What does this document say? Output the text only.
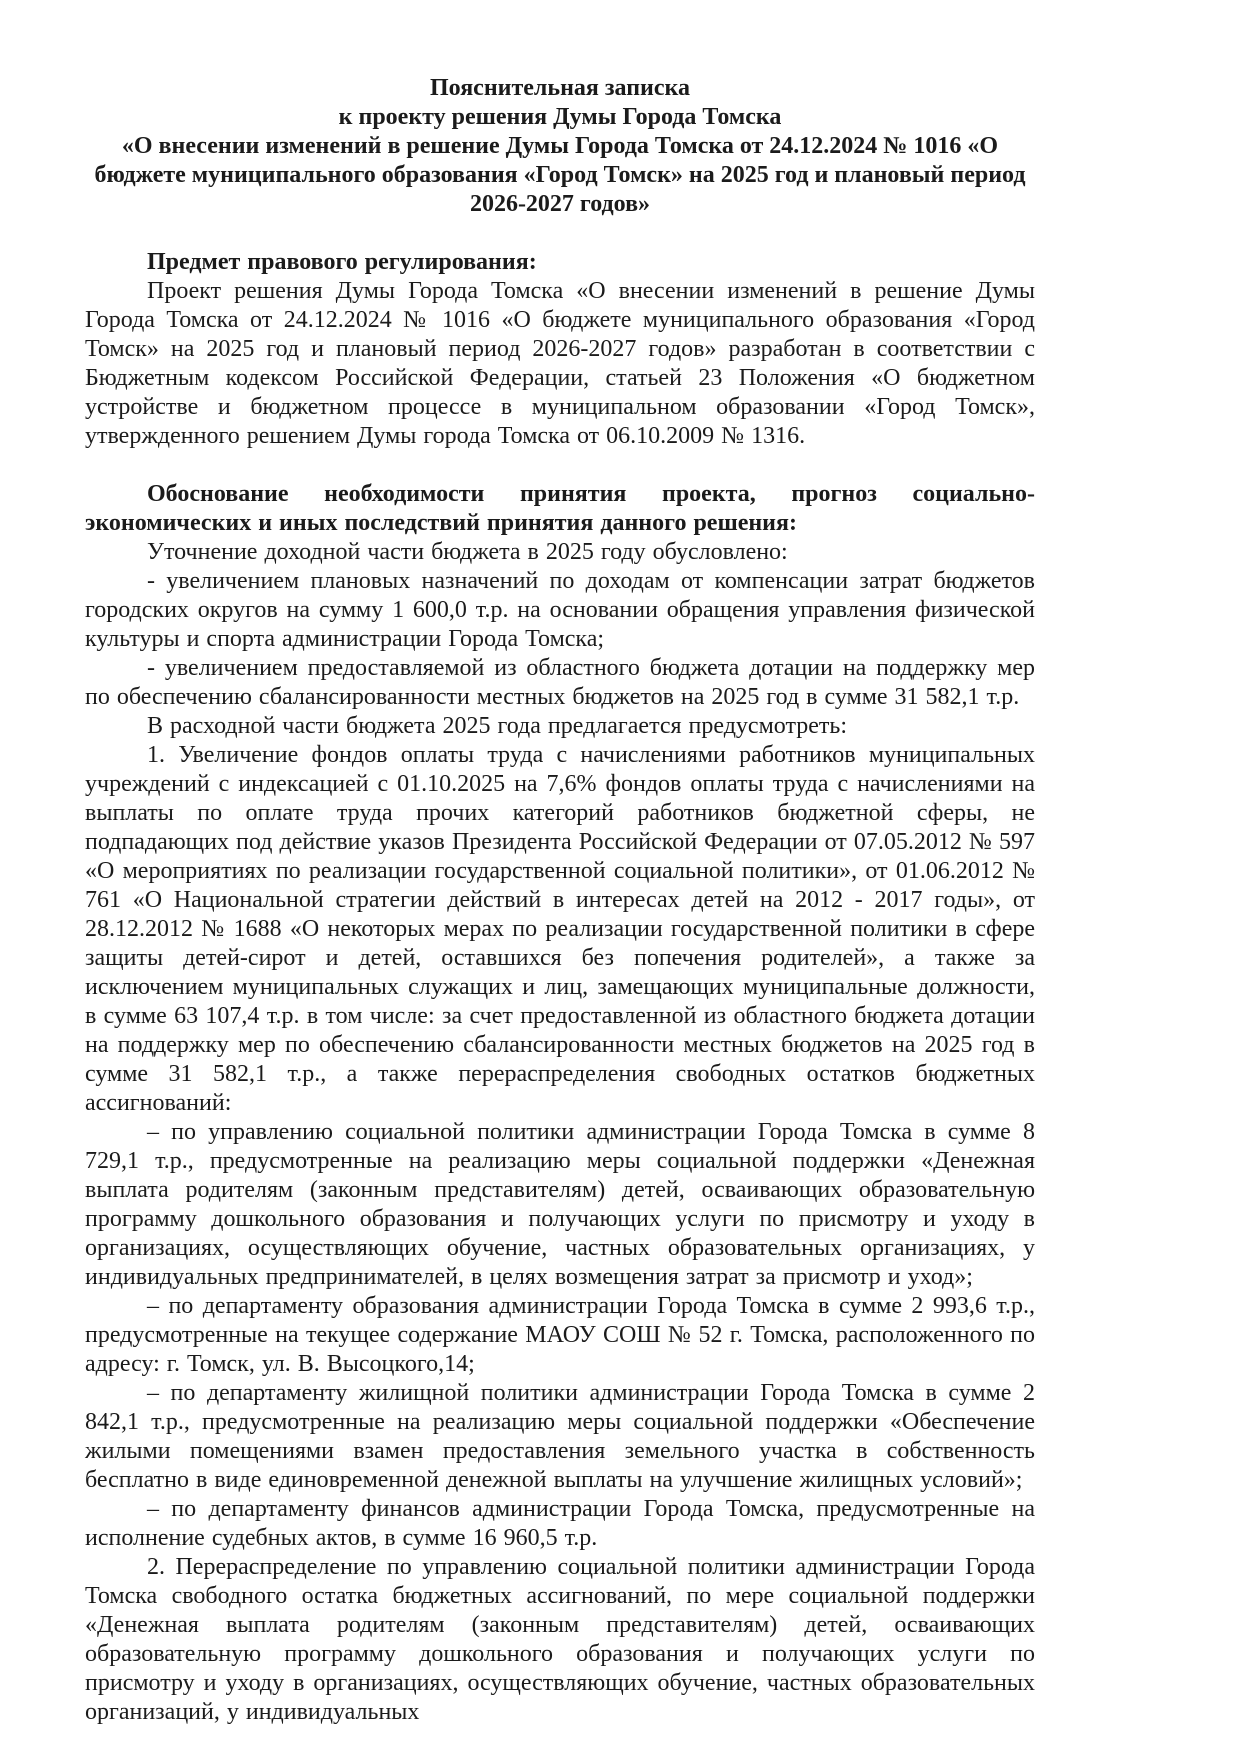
Пояснительная записка
к проекту решения Думы Города Томска
«О внесении изменений в решение Думы Города Томска от 24.12.2024 № 1016 «О бюджете муниципального образования «Город Томск» на 2025 год и плановый период 2026-2027 годов»

Предмет правового регулирования:

Проект решения Думы Города Томска «О внесении изменений в решение Думы Города Томска от 24.12.2024 № 1016 «О бюджете муниципального образования «Город Томск» на 2025 год и плановый период 2026-2027 годов» разработан в соответствии с Бюджетным кодексом Российской Федерации, статьей 23 Положения «О бюджетном устройстве и бюджетном процессе в муниципальном образовании «Город Томск», утвержденного решением Думы города Томска от 06.10.2009 № 1316.

Обоснование необходимости принятия проекта, прогноз социально-экономических и иных последствий принятия данного решения:

Уточнение доходной части бюджета в 2025 году обусловлено:

- увеличением плановых назначений по доходам от компенсации затрат бюджетов городских округов на сумму 1 600,0 т.р. на основании обращения управления физической культуры и спорта администрации Города Томска;

- увеличением предоставляемой из областного бюджета дотации на поддержку мер по обеспечению сбалансированности местных бюджетов на 2025 год в сумме 31 582,1 т.р.

В расходной части бюджета 2025 года предлагается предусмотреть:

1. Увеличение фондов оплаты труда с начислениями работников муниципальных учреждений с индексацией с 01.10.2025 на 7,6% фондов оплаты труда с начислениями на выплаты по оплате труда прочих категорий работников бюджетной сферы, не подпадающих под действие указов Президента Российской Федерации от 07.05.2012 № 597 «О мероприятиях по реализации государственной социальной политики», от 01.06.2012 № 761 «О Национальной стратегии действий в интересах детей на 2012 - 2017 годы», от 28.12.2012 № 1688 «О некоторых мерах по реализации государственной политики в сфере защиты детей-сирот и детей, оставшихся без попечения родителей», а также за исключением муниципальных служащих и лиц, замещающих муниципальные должности, в сумме 63 107,4 т.р. в том числе: за счет предоставленной из областного бюджета дотации на поддержку мер по обеспечению сбалансированности местных бюджетов на 2025 год в сумме 31 582,1 т.р., а также перераспределения свободных остатков бюджетных ассигнований:

– по управлению социальной политики администрации Города Томска в сумме 8 729,1 т.р., предусмотренные на реализацию меры социальной поддержки «Денежная выплата родителям (законным представителям) детей, осваивающих образовательную программу дошкольного образования и получающих услуги по присмотру и уходу в организациях, осуществляющих обучение, частных образовательных организациях, у индивидуальных предпринимателей, в целях возмещения затрат за присмотр и уход»;

– по департаменту образования администрации Города Томска в сумме 2 993,6 т.р., предусмотренные на текущее содержание МАОУ СОШ № 52 г. Томска, расположенного по адресу: г. Томск, ул. В. Высоцкого,14;

– по департаменту жилищной политики администрации Города Томска в сумме 2 842,1 т.р., предусмотренные на реализацию меры социальной поддержки «Обеспечение жилыми помещениями взамен предоставления земельного участка в собственность бесплатно в виде единовременной денежной выплаты на улучшение жилищных условий»;

– по департаменту финансов администрации Города Томска, предусмотренные на исполнение судебных актов, в сумме 16 960,5 т.р.

2. Перераспределение по управлению социальной политики администрации Города Томска свободного остатка бюджетных ассигнований, по мере социальной поддержки «Денежная выплата родителям (законным представителям) детей, осваивающих образовательную программу дошкольного образования и получающих услуги по присмотру и уходу в организациях, осуществляющих обучение, частных образовательных организаций, у индивидуальных
